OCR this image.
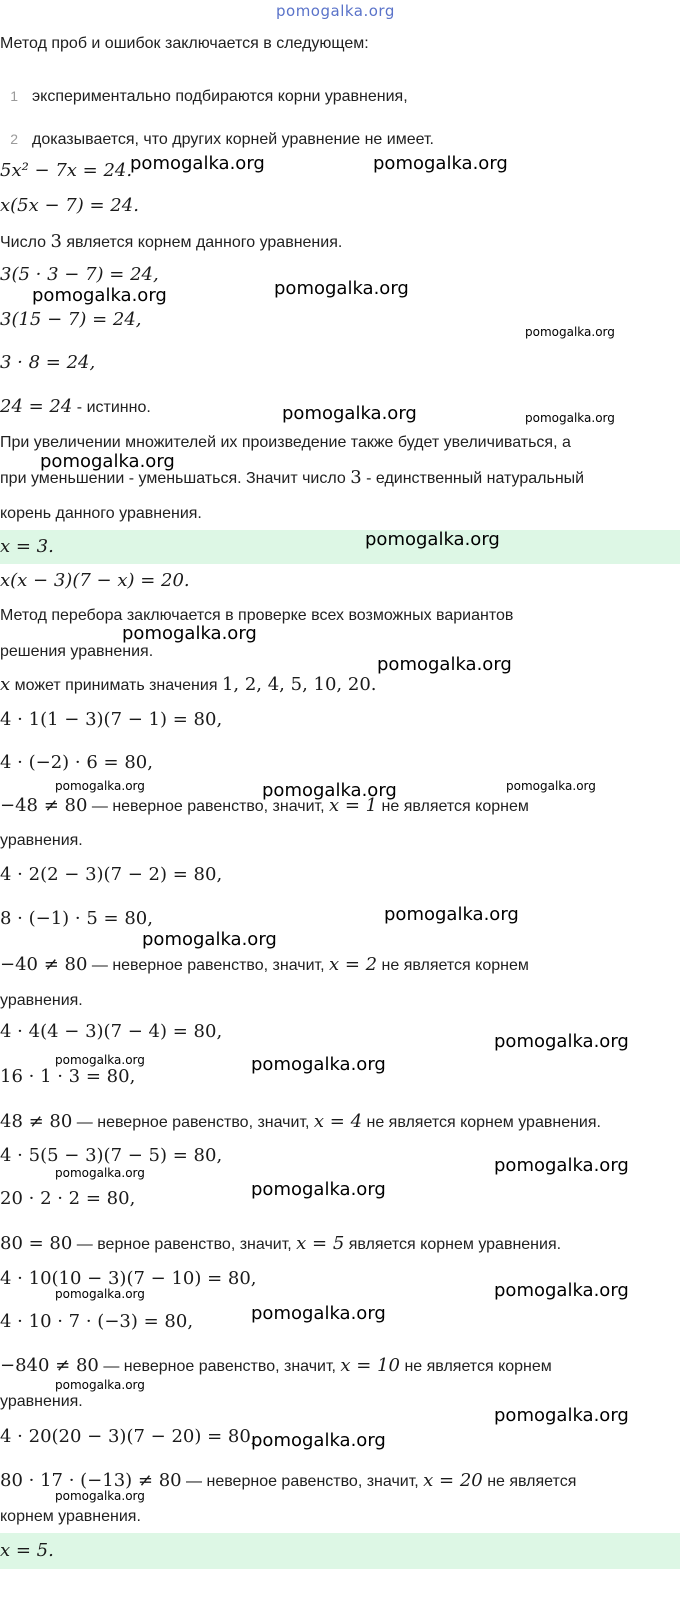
pomogalka.org
Метод проб и ошибок заключается в следующем:
1 экспериментально подбираются корни уравнения,
2 доказывается, что других корней уравнение не имеет.
5x² − 7x = 24.
x(5x − 7) = 24.
Число 3 является корнем данного уравнения.
3(5 · 3 − 7) = 24,
3(15 − 7) = 24,
3 · 8 = 24,
24 = 24 - истинно.
При увеличении множителей их произведение также будет увеличиваться, а
при уменьшении - уменьшаться. Значит число 3 - единственный натуральный
корень данного уравнения.
x = 3.
x(x − 3)(7 − x) = 20.
Метод перебора заключается в проверке всех возможных вариантов
решения уравнения.
x может принимать значения 1, 2, 4, 5, 10, 20.
4 · 1(1 − 3)(7 − 1) = 80,
4 · (−2) · 6 = 80,
−48 ≠ 80 — неверное равенство, значит, x = 1 не является корнем
уравнения.
4 · 2(2 − 3)(7 − 2) = 80,
8 · (−1) · 5 = 80,
−40 ≠ 80 — неверное равенство, значит, x = 2 не является корнем
уравнения.
4 · 4(4 − 3)(7 − 4) = 80,
16 · 1 · 3 = 80,
48 ≠ 80 — неверное равенство, значит, x = 4 не является корнем уравнения.
4 · 5(5 − 3)(7 − 5) = 80,
20 · 2 · 2 = 80,
80 = 80 — верное равенство, значит, x = 5 является корнем уравнения.
4 · 10(10 − 3)(7 − 10) = 80,
4 · 10 · 7 · (−3) = 80,
−840 ≠ 80 — неверное равенство, значит, x = 10 не является корнем
уравнения.
4 · 20(20 − 3)(7 − 20) = 80,
80 · 17 · (−13) ≠ 80 — неверное равенство, значит, x = 20 не является
корнем уравнения.
x = 5.
pomogalka.org	pomogalka.org
pomogalka.org	pomogalka.org
pomogalka.org
pomogalka.org	pomogalka.org
pomogalka.org
pomogalka.org
pomogalka.org
pomogalka.org
pomogalka.org	pomogalka.org	pomogalka.org
pomogalka.org
pomogalka.org
pomogalka.org
pomogalka.org	pomogalka.org
pomogalka.org
pomogalka.org
pomogalka.org
pomogalka.org
pomogalka.org
pomogalka.org
pomogalka.org
pomogalka.org
pomogalka.org
pomogalka.org
